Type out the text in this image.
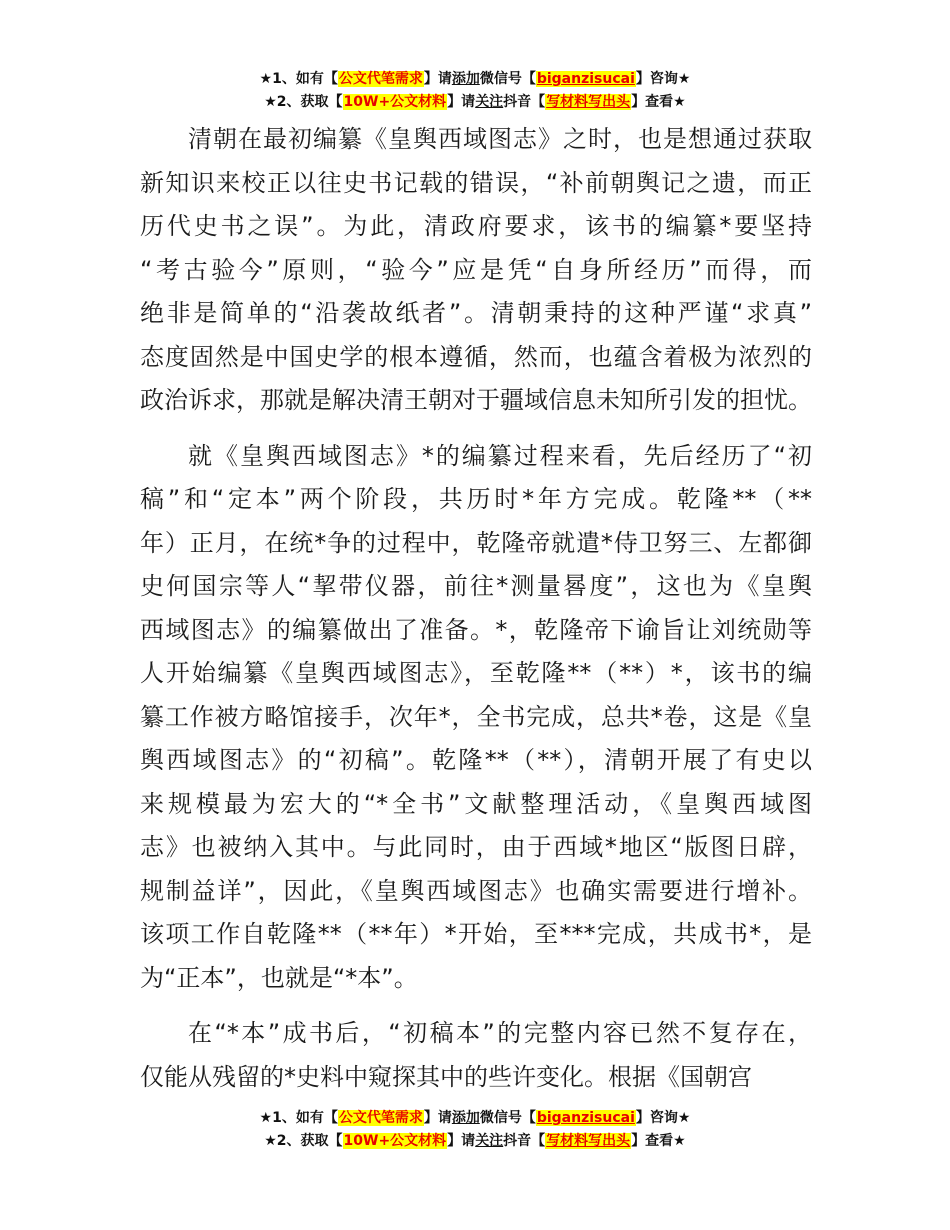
★1、如有【公文代笔需求】请添加微信号【biganzisucai】咨询★
★2、获取【10W+公文材料】请关注抖音【写材料写出头】查看★
清朝在最初编纂《皇舆西域图志》之时，也是想通过获取
新知识来校正以往史书记载的错误，“补前朝舆记之遗，而正
历代史书之误”。为此，清政府要求，该书的编纂*要坚持
“考古验今”原则，“验今”应是凭“自身所经历”而得，而
绝非是简单的“沿袭故纸者”。清朝秉持的这种严谨“求真”
态度固然是中国史学的根本遵循，然而，也蕴含着极为浓烈的
政治诉求，那就是解决清王朝对于疆域信息未知所引发的担忧。
就《皇舆西域图志》*的编纂过程来看，先后经历了“初
稿”和“定本”两个阶段，共历时*年方完成。乾隆**（**
年）正月，在统*争的过程中，乾隆帝就遣*侍卫努三、左都御
史何国宗等人“挈带仪器，前往*测量晷度”，这也为《皇舆
西域图志》的编纂做出了准备。*，乾隆帝下谕旨让刘统勋等
人开始编纂《皇舆西域图志》，至乾隆**（**）*，该书的编
纂工作被方略馆接手，次年*，全书完成，总共*卷，这是《皇
舆西域图志》的“初稿”。乾隆**（**），清朝开展了有史以
来规模最为宏大的“*全书”文献整理活动，《皇舆西域图
志》也被纳入其中。与此同时，由于西域*地区“版图日辟，
规制益详”，因此，《皇舆西域图志》也确实需要进行增补。
该项工作自乾隆**（**年）*开始，至***完成，共成书*，是
为“正本”，也就是“*本”。
在“*本”成书后，“初稿本”的完整内容已然不复存在，
仅能从残留的*史料中窥探其中的些许变化。根据《国朝宫
★1、如有【公文代笔需求】请添加微信号【biganzisucai】咨询★
★2、获取【10W+公文材料】请关注抖音【写材料写出头】查看★
